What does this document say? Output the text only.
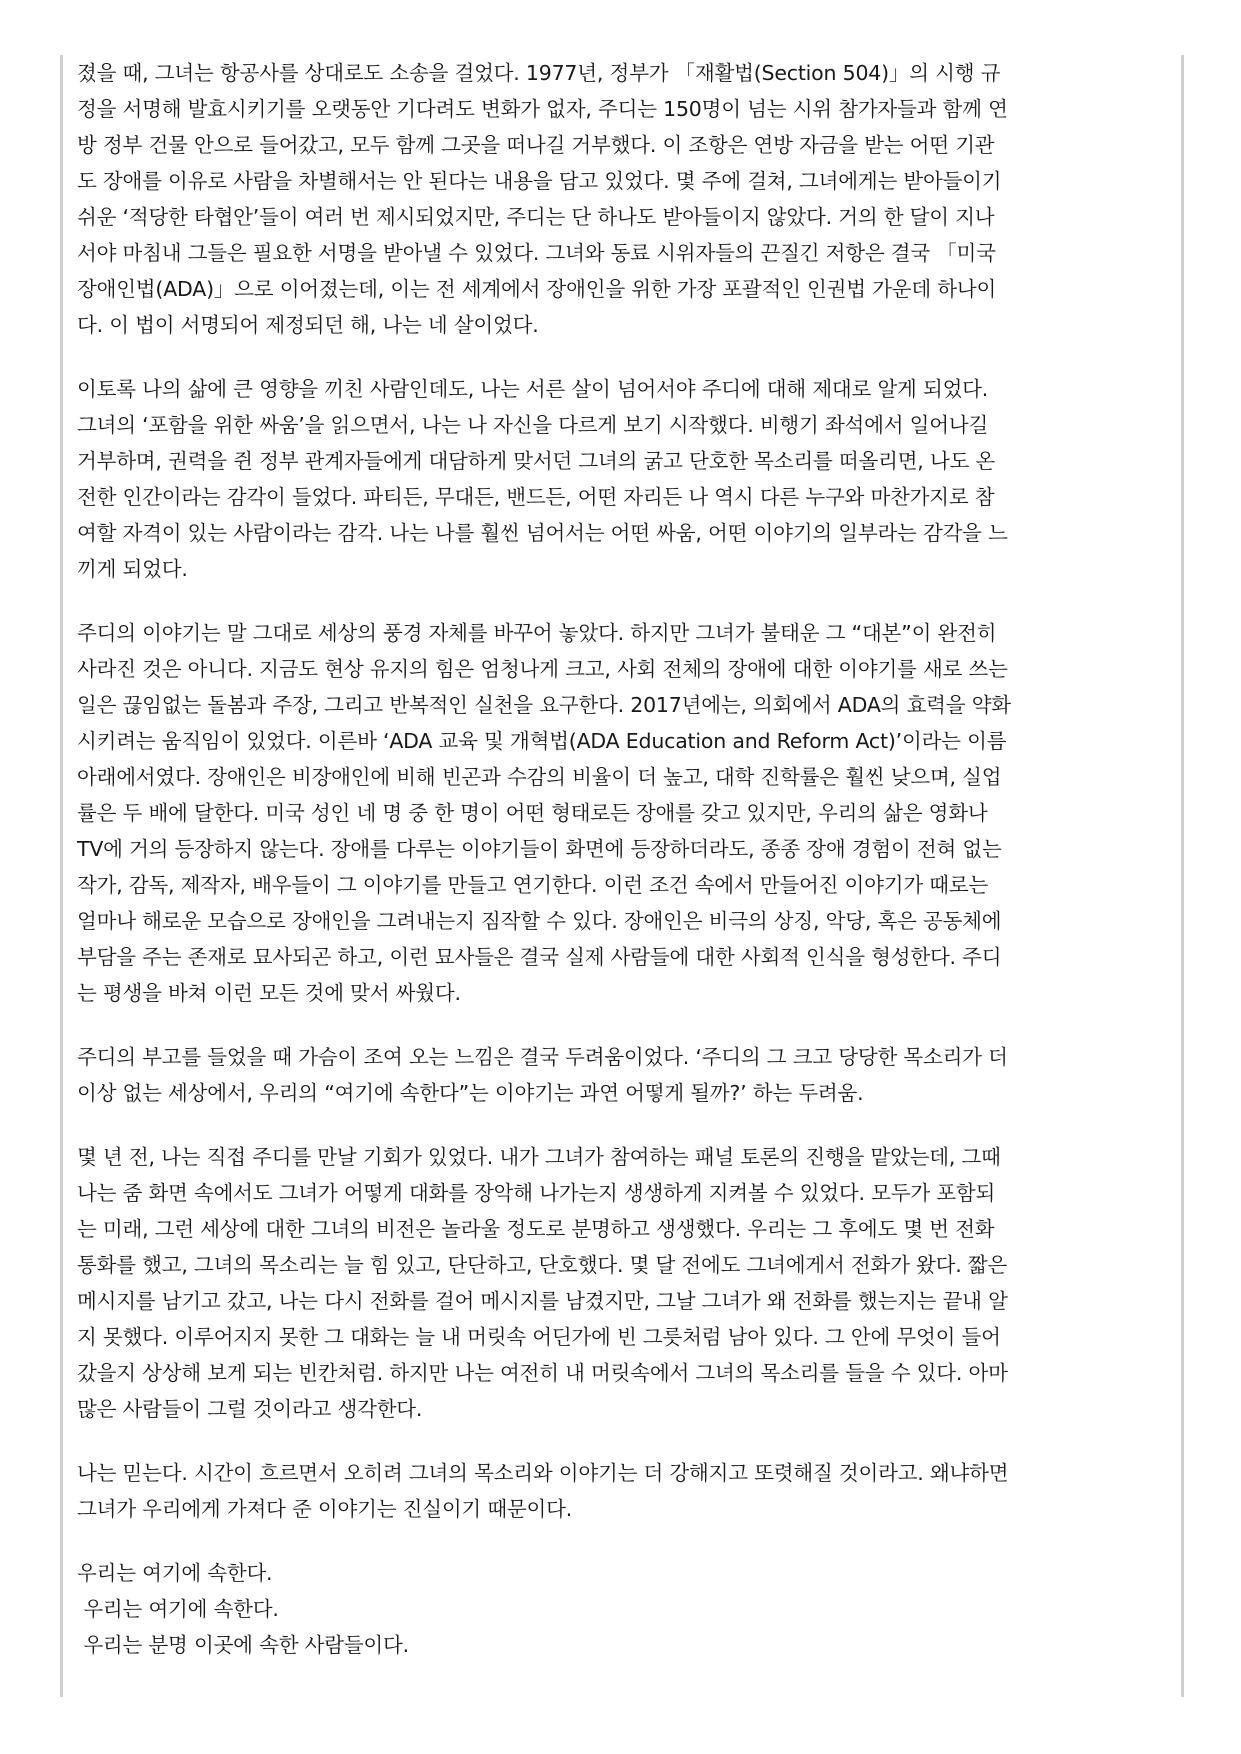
졌을 때, 그녀는 항공사를 상대로도 소송을 걸었다. 1977년, 정부가 「재활법(Section 504)」의 시행 규
정을 서명해 발효시키기를 오랫동안 기다려도 변화가 없자, 주디는 150명이 넘는 시위 참가자들과 함께 연
방 정부 건물 안으로 들어갔고, 모두 함께 그곳을 떠나길 거부했다. 이 조항은 연방 자금을 받는 어떤 기관
도 장애를 이유로 사람을 차별해서는 안 된다는 내용을 담고 있었다. 몇 주에 걸쳐, 그녀에게는 받아들이기
쉬운 ‘적당한 타협안’들이 여러 번 제시되었지만, 주디는 단 하나도 받아들이지 않았다. 거의 한 달이 지나
서야 마침내 그들은 필요한 서명을 받아낼 수 있었다. 그녀와 동료 시위자들의 끈질긴 저항은 결국 「미국
장애인법(ADA)」으로 이어졌는데, 이는 전 세계에서 장애인을 위한 가장 포괄적인 인권법 가운데 하나이
다. 이 법이 서명되어 제정되던 해, 나는 네 살이었다.
이토록 나의 삶에 큰 영향을 끼친 사람인데도, 나는 서른 살이 넘어서야 주디에 대해 제대로 알게 되었다.
그녀의 ‘포함을 위한 싸움’을 읽으면서, 나는 나 자신을 다르게 보기 시작했다. 비행기 좌석에서 일어나길
거부하며, 권력을 쥔 정부 관계자들에게 대담하게 맞서던 그녀의 굵고 단호한 목소리를 떠올리면, 나도 온
전한 인간이라는 감각이 들었다. 파티든, 무대든, 밴드든, 어떤 자리든 나 역시 다른 누구와 마찬가지로 참
여할 자격이 있는 사람이라는 감각. 나는 나를 훨씬 넘어서는 어떤 싸움, 어떤 이야기의 일부라는 감각을 느
끼게 되었다.
주디의 이야기는 말 그대로 세상의 풍경 자체를 바꾸어 놓았다. 하지만 그녀가 불태운 그 “대본”이 완전히
사라진 것은 아니다. 지금도 현상 유지의 힘은 엄청나게 크고, 사회 전체의 장애에 대한 이야기를 새로 쓰는
일은 끊임없는 돌봄과 주장, 그리고 반복적인 실천을 요구한다. 2017년에는, 의회에서 ADA의 효력을 약화
시키려는 움직임이 있었다. 이른바 ‘ADA 교육 및 개혁법(ADA Education and Reform Act)’이라는 이름
아래에서였다. 장애인은 비장애인에 비해 빈곤과 수감의 비율이 더 높고, 대학 진학률은 훨씬 낮으며, 실업
률은 두 배에 달한다. 미국 성인 네 명 중 한 명이 어떤 형태로든 장애를 갖고 있지만, 우리의 삶은 영화나
TV에 거의 등장하지 않는다. 장애를 다루는 이야기들이 화면에 등장하더라도, 종종 장애 경험이 전혀 없는
작가, 감독, 제작자, 배우들이 그 이야기를 만들고 연기한다. 이런 조건 속에서 만들어진 이야기가 때로는
얼마나 해로운 모습으로 장애인을 그려내는지 짐작할 수 있다. 장애인은 비극의 상징, 악당, 혹은 공동체에
부담을 주는 존재로 묘사되곤 하고, 이런 묘사들은 결국 실제 사람들에 대한 사회적 인식을 형성한다. 주디
는 평생을 바쳐 이런 모든 것에 맞서 싸웠다.
주디의 부고를 들었을 때 가슴이 조여 오는 느낌은 결국 두려움이었다. ‘주디의 그 크고 당당한 목소리가 더
이상 없는 세상에서, 우리의 “여기에 속한다”는 이야기는 과연 어떻게 될까?’ 하는 두려움.
몇 년 전, 나는 직접 주디를 만날 기회가 있었다. 내가 그녀가 참여하는 패널 토론의 진행을 맡았는데, 그때
나는 줌 화면 속에서도 그녀가 어떻게 대화를 장악해 나가는지 생생하게 지켜볼 수 있었다. 모두가 포함되
는 미래, 그런 세상에 대한 그녀의 비전은 놀라울 정도로 분명하고 생생했다. 우리는 그 후에도 몇 번 전화
통화를 했고, 그녀의 목소리는 늘 힘 있고, 단단하고, 단호했다. 몇 달 전에도 그녀에게서 전화가 왔다. 짧은
메시지를 남기고 갔고, 나는 다시 전화를 걸어 메시지를 남겼지만, 그날 그녀가 왜 전화를 했는지는 끝내 알
지 못했다. 이루어지지 못한 그 대화는 늘 내 머릿속 어딘가에 빈 그릇처럼 남아 있다. 그 안에 무엇이 들어
갔을지 상상해 보게 되는 빈칸처럼. 하지만 나는 여전히 내 머릿속에서 그녀의 목소리를 들을 수 있다. 아마
많은 사람들이 그럴 것이라고 생각한다.
나는 믿는다. 시간이 흐르면서 오히려 그녀의 목소리와 이야기는 더 강해지고 또렷해질 것이라고. 왜냐하면
그녀가 우리에게 가져다 준 이야기는 진실이기 때문이다.
우리는 여기에 속한다.
우리는 여기에 속한다.
우리는 분명 이곳에 속한 사람들이다.
